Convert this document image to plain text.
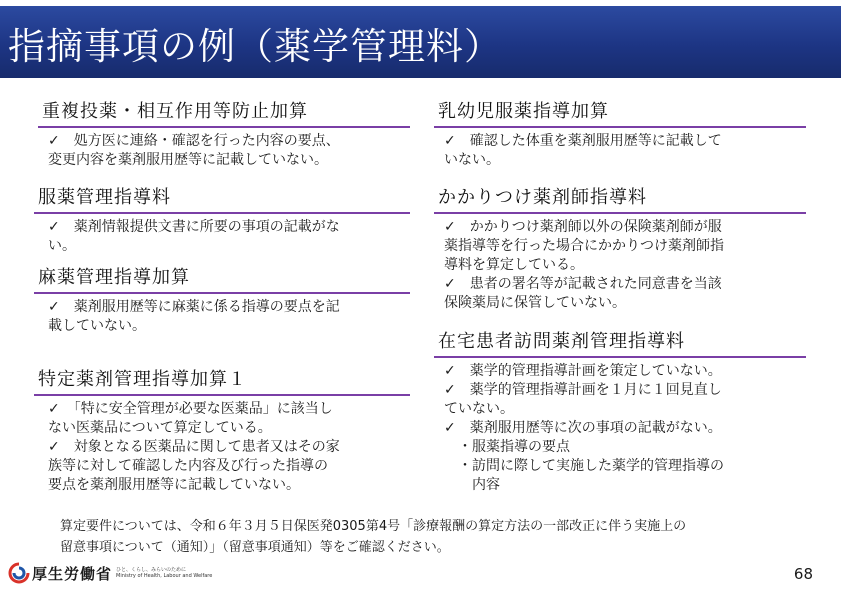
指摘事項の例（薬学管理料）
重複投薬・相互作用等防止加算
✓　処方医に連絡・確認を行った内容の要点、
変更内容を薬剤服用歴等に記載していない。
服薬管理指導料
✓　薬剤情報提供文書に所要の事項の記載がな
い。
麻薬管理指導加算
✓　薬剤服用歴等に麻薬に係る指導の要点を記
載していない。
特定薬剤管理指導加算１
✓　「特に安全管理が必要な医薬品」に該当し
ない医薬品について算定している。
✓　対象となる医薬品に関して患者又はその家
族等に対して確認した内容及び行った指導の
要点を薬剤服用歴等に記載していない。
乳幼児服薬指導加算
✓　確認した体重を薬剤服用歴等に記載して
いない。
かかりつけ薬剤師指導料
✓　かかりつけ薬剤師以外の保険薬剤師が服
薬指導等を行った場合にかかりつけ薬剤師指
導料を算定している。
✓　患者の署名等が記載された同意書を当該
保険薬局に保管していない。
在宅患者訪問薬剤管理指導料
✓　薬学的管理指導計画を策定していない。
✓　薬学的管理指導計画を１月に１回見直し
ていない。
✓　薬剤服用歴等に次の事項の記載がない。
　・服薬指導の要点
　・訪問に際して実施した薬学的管理指導の
　　内容
算定要件については、令和６年３月５日保医発0305第4号「診療報酬の算定方法の一部改正に伴う実施上の
留意事項について（通知）」（留意事項通知）等をご確認ください。
厚生労働省 ひと、くらし、みらいのために
Ministry of Health, Labour and Welfare	68
